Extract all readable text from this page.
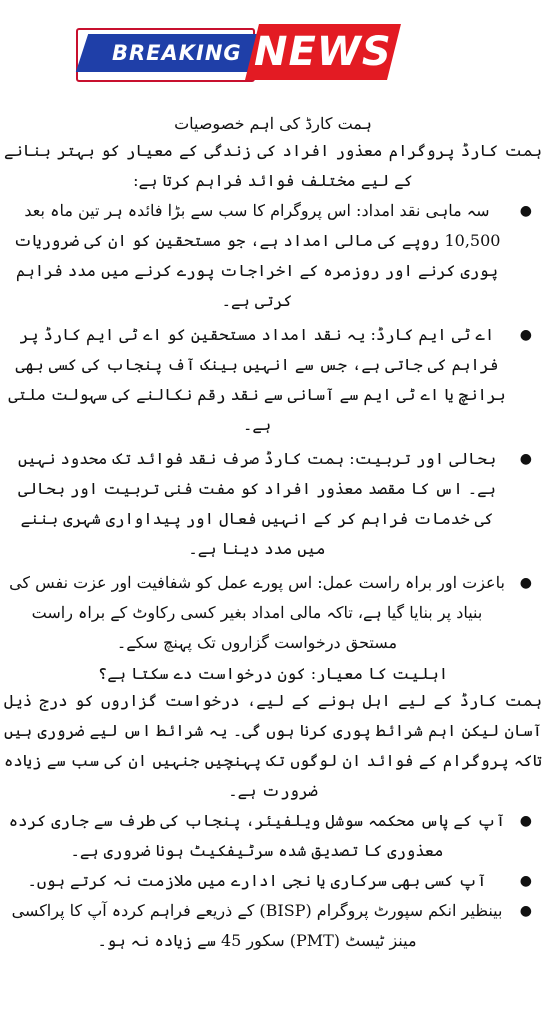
BREAKING NEWS

ہمت کارڈ کی اہم خصوصیات

ہمت کارڈ پروگرام معذور افراد کی زندگی کے معیار کو بہتر بنانے کے لیے مختلف فوائد فراہم کرتا ہے:

●
سہ ماہی نقد امداد: اس پروگرام کا سب سے بڑا فائدہ ہر تین ماہ بعد 10,500 روپے کی مالی امداد ہے، جو مستحقین کو ان کی ضروریات پوری کرنے اور روزمرہ کے اخراجات پورے کرنے میں مدد فراہم کرتی ہے۔
●
اے ٹی ایم کارڈ: یہ نقد امداد مستحقین کو اے ٹی ایم کارڈ پر فراہم کی جاتی ہے، جس سے انہیں بینک آف پنجاب کی کسی بھی برانچ یا اے ٹی ایم سے آسانی سے نقد رقم نکالنے کی سہولت ملتی ہے۔
●
بحالی اور تربیت: ہمت کارڈ صرف نقد فوائد تک محدود نہیں ہے۔ اس کا مقصد معذور افراد کو مفت فنی تربیت اور بحالی کی خدمات فراہم کر کے انہیں فعال اور پیداواری شہری بننے میں مدد دینا ہے۔
●
باعزت اور براہ راست عمل: اس پورے عمل کو شفافیت اور عزت نفس کی بنیاد پر بنایا گیا ہے، تاکہ مالی امداد بغیر کسی رکاوٹ کے براہ راست مستحق درخواست گزاروں تک پہنچ سکے۔

اہلیت کا معیار: کون درخواست دے سکتا ہے؟

ہمت کارڈ کے لیے اہل ہونے کے لیے، درخواست گزاروں کو درج ذیل آسان لیکن اہم شرائط پوری کرنا ہوں گی۔ یہ شرائط اس لیے ضروری ہیں تاکہ پروگرام کے فوائد ان لوگوں تک پہنچیں جنہیں ان کی سب سے زیادہ ضرورت ہے۔

●
آپ کے پاس محکمہ سوشل ویلفیئر، پنجاب کی طرف سے جاری کردہ معذوری کا تصدیق شدہ سرٹیفکیٹ ہونا ضروری ہے۔
●
آپ کسی بھی سرکاری یا نجی ادارے میں ملازمت نہ کرتے ہوں۔
●
بینظیر انکم سپورٹ پروگرام (BISP) کے ذریعے فراہم کردہ آپ کا پراکسی مینز ٹیسٹ (PMT) سکور 45 سے زیادہ نہ ہو۔
